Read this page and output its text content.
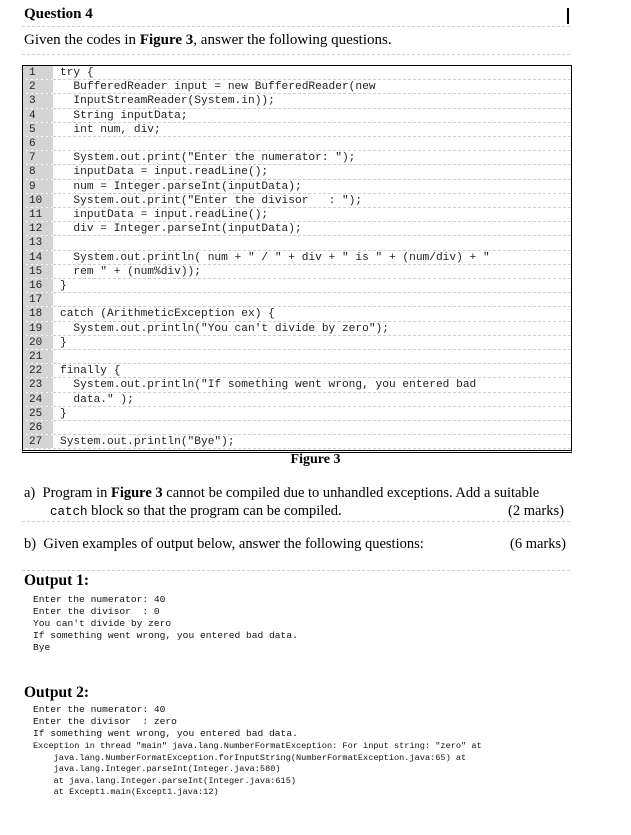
Question 4
Given the codes in Figure 3, answer the following questions.
1	try {
2	BufferedReader input = new BufferedReader(new
3	InputStreamReader(System.in));
4	String inputData;
5	int num, div;
6
7	System.out.print("Enter the numerator: ");
8	inputData = input.readLine();
9	num = Integer.parseInt(inputData);
10	System.out.print("Enter the divisor   : ");
11	inputData = input.readLine();
12	div = Integer.parseInt(inputData);
13
14	System.out.println( num + " / " + div + " is " + (num/div) + "
15	rem " + (num%div));
16	}
17
18	catch (ArithmeticException ex) {
19	System.out.println("You can't divide by zero");
20	}
21
22	finally {
23	System.out.println("If something went wrong, you entered bad
24	data." );
25	}
26
27	System.out.println("Bye");
Figure 3
a) Program in Figure 3 cannot be compiled due to unhandled exceptions. Add a suitable
catch block so that the program can be compiled.	(2 marks)
b) Given examples of output below, answer the following questions:	(6 marks)
Output 1:
Enter the numerator: 40
Enter the divisor  : 0
You can't divide by zero
If something went wrong, you entered bad data.
Bye
Output 2:
Enter the numerator: 40
Enter the divisor  : zero
If something went wrong, you entered bad data.
Exception in thread "main" java.lang.NumberFormatException: For input string: "zero" at
java.lang.NumberFormatException.forInputString(NumberFormatException.java:65) at
java.lang.Integer.parseInt(Integer.java:580)
at java.lang.Integer.parseInt(Integer.java:615)
at Except1.main(Except1.java:12)
